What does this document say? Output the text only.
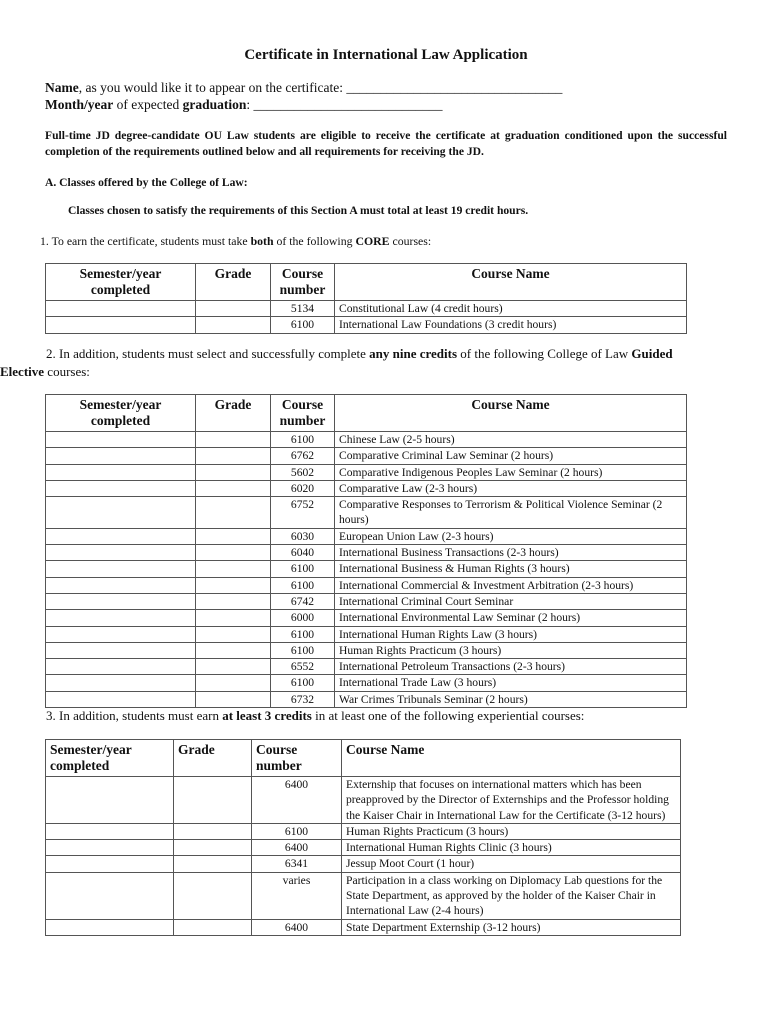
Certificate in International Law Application
Name, as you would like it to appear on the certificate: ________________________________
Month/year of expected graduation: ____________________________
Full-time JD degree-candidate OU Law students are eligible to receive the certificate at graduation conditioned upon the successful completion of the requirements outlined below and all requirements for receiving the JD.
A. Classes offered by the College of Law:
Classes chosen to satisfy the requirements of this Section A must total at least 19 credit hours.
1. To earn the certificate, students must take both of the following CORE courses:
Semester/year completed	Grade	Course number	Course Name
		5134	Constitutional Law (4 credit hours)
		6100	International Law Foundations (3 credit hours)
2. In addition, students must select and successfully complete any nine credits of the following College of Law Guided Elective courses:
Semester/year completed	Grade	Course number	Course Name
		6100	Chinese Law (2-5 hours)
		6762	Comparative Criminal Law Seminar (2 hours)
		5602	Comparative Indigenous Peoples Law Seminar (2 hours)
		6020	Comparative Law (2-3 hours)
		6752	Comparative Responses to Terrorism & Political Violence Seminar (2 hours)
		6030	European Union Law (2-3 hours)
		6040	International Business Transactions (2-3 hours)
		6100	International Business & Human Rights (3 hours)
		6100	International Commercial & Investment Arbitration (2-3 hours)
		6742	International Criminal Court Seminar
		6000	International Environmental Law Seminar (2 hours)
		6100	International Human Rights Law (3 hours)
		6100	Human Rights Practicum (3 hours)
		6552	International Petroleum Transactions (2-3 hours)
		6100	International Trade Law (3 hours)
		6732	War Crimes Tribunals Seminar (2 hours)
3. In addition, students must earn at least 3 credits in at least one of the following experiential courses:
Semester/year completed	Grade	Course number	Course Name
		6400	Externship that focuses on international matters which has been preapproved by the Director of Externships and the Professor holding the Kaiser Chair in International Law for the Certificate (3-12 hours)
		6100	Human Rights Practicum (3 hours)
		6400	International Human Rights Clinic (3 hours)
		6341	Jessup Moot Court (1 hour)
		varies	Participation in a class working on Diplomacy Lab questions for the State Department, as approved by the holder of the Kaiser Chair in International Law (2-4 hours)
		6400	State Department Externship (3-12 hours)
